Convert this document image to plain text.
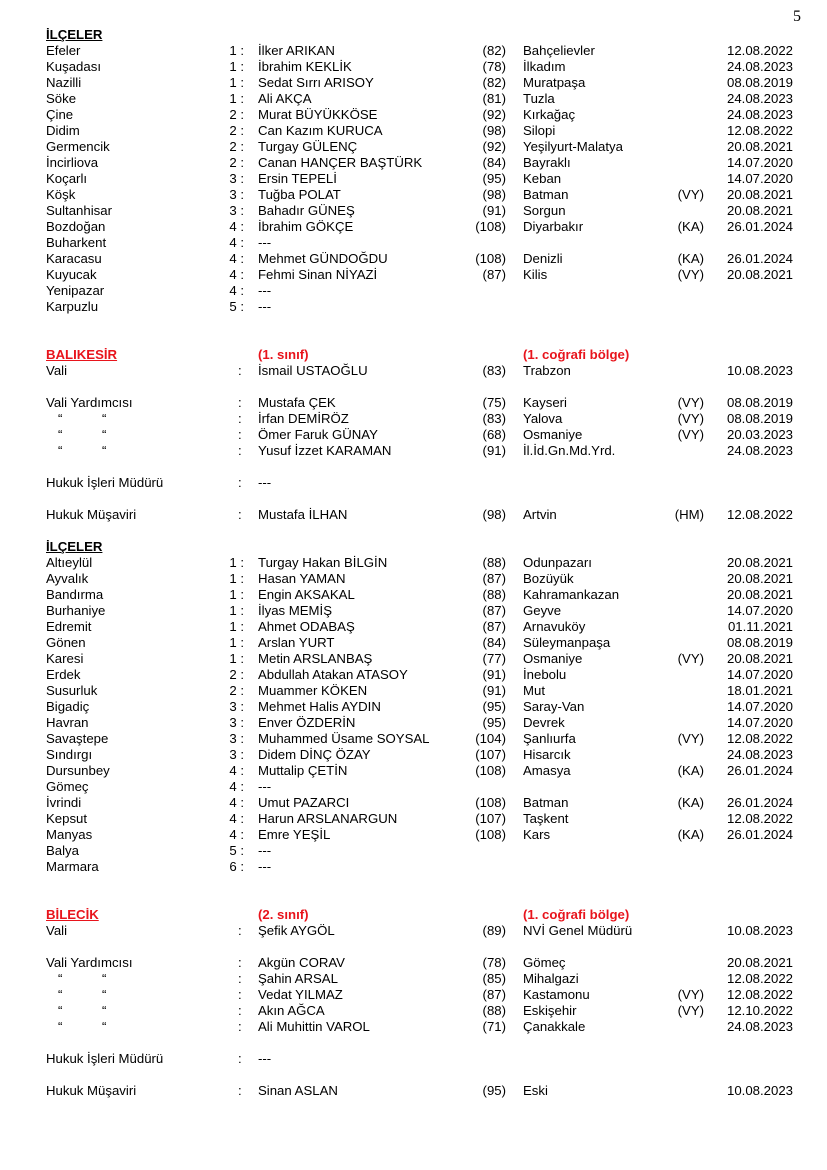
5
İLÇELER
Efeler	1 : İlker ARIKAN	(82) Bahçelievler	12.08.2022
Kuşadası	1 : İbrahim KEKLİK	(78) İlkadım	24.08.2023
Nazilli	1 : Sedat Sırrı ARISOY	(82) Muratpaşa	08.08.2019
Söke	1 : Ali AKÇA	(81) Tuzla	24.08.2023
Çine	2 : Murat BÜYÜKKÖSE	(92) Kırkağaç	24.08.2023
Didim	2 : Can Kazım KURUCA	(98) Silopi	12.08.2022
Germencik	2 : Turgay GÜLENÇ	(92) Yeşilyurt-Malatya	20.08.2021
İncirliova	2 : Canan HANÇER BAŞTÜRK	(84) Bayraklı	14.07.2020
Koçarlı	3 : Ersin TEPELİ	(95) Keban	14.07.2020
Köşk	3 : Tuğba POLAT	(98) Batman	(VY)	20.08.2021
Sultanhisar	3 : Bahadır GÜNEŞ	(91) Sorgun	20.08.2021
Bozdoğan	4 : İbrahim GÖKÇE	(108) Diyarbakır	(KA)	26.01.2024
Buharkent	4 : ---
Karacasu	4 : Mehmet GÜNDOĞDU	(108) Denizli	(KA)	26.01.2024
Kuyucak	4 : Fehmi Sinan NİYAZİ	(87) Kilis	(VY)	20.08.2021
Yenipazar	4 : ---
Karpuzlu	5 : ---
BALIKESİR	(1. sınıf)	(1. coğrafi bölge)
Vali	: İsmail USTAOĞLU	(83) Trabzon	10.08.2023
Vali Yardımcısı	: Mustafa ÇEK	(75) Kayseri	(VY)	08.08.2019
“	“	: İrfan DEMİRÖZ	(83) Yalova	(VY)	08.08.2019
“	“	: Ömer Faruk GÜNAY	(68) Osmaniye	(VY)	20.03.2023
“	“	: Yusuf İzzet KARAMAN	(91) İl.İd.Gn.Md.Yrd.	24.08.2023
Hukuk İşleri Müdürü	: ---
Hukuk Müşaviri	: Mustafa İLHAN	(98) Artvin	(HM)	12.08.2022
İLÇELER
Altıeylül	1 : Turgay Hakan BİLGİN	(88) Odunpazarı	20.08.2021
Ayvalık	1 : Hasan YAMAN	(87) Bozüyük	20.08.2021
Bandırma	1 : Engin AKSAKAL	(88) Kahramankazan	20.08.2021
Burhaniye	1 : İlyas MEMİŞ	(87) Geyve	14.07.2020
Edremit	1 : Ahmet ODABAŞ	(87) Arnavuköy	01.11.2021
Gönen	1 : Arslan YURT	(84) Süleymanpaşa	08.08.2019
Karesi	1 : Metin ARSLANBAŞ	(77) Osmaniye	(VY)	20.08.2021
Erdek	2 : Abdullah Atakan ATASOY	(91) İnebolu	14.07.2020
Susurluk	2 : Muammer KÖKEN	(91) Mut	18.01.2021
Bigadiç	3 : Mehmet Halis AYDIN	(95) Saray-Van	14.07.2020
Havran	3 : Enver ÖZDERİN	(95) Devrek	14.07.2020
Savaştepe	3 : Muhammed Üsame SOYSAL	(104) Şanlıurfa	(VY)	12.08.2022
Sındırgı	3 : Didem DİNÇ ÖZAY	(107) Hisarcık	24.08.2023
Dursunbey	4 : Muttalip ÇETİN	(108) Amasya	(KA)	26.01.2024
Gömeç	4 : ---
İvrindi	4 : Umut PAZARCI	(108) Batman	(KA)	26.01.2024
Kepsut	4 : Harun ARSLANARGUN	(107) Taşkent	12.08.2022
Manyas	4 : Emre YEŞİL	(108) Kars	(KA)	26.01.2024
Balya	5 : ---
Marmara	6 : ---
BİLECİK	(2. sınıf)	(1. coğrafi bölge)
Vali	: Şefik AYGÖL	(89) NVİ Genel Müdürü	10.08.2023
Vali Yardımcısı	: Akgün CORAV	(78) Gömeç	20.08.2021
“	“	: Şahin ARSAL	(85) Mihalgazi	12.08.2022
“	“	: Vedat YILMAZ	(87) Kastamonu	(VY)	12.08.2022
“	“	: Akın AĞCA	(88) Eskişehir	(VY)	12.10.2022
“	“	: Ali Muhittin VAROL	(71) Çanakkale	24.08.2023
Hukuk İşleri Müdürü	: ---
Hukuk Müşaviri	: Sinan ASLAN	(95) Eski	10.08.2023
